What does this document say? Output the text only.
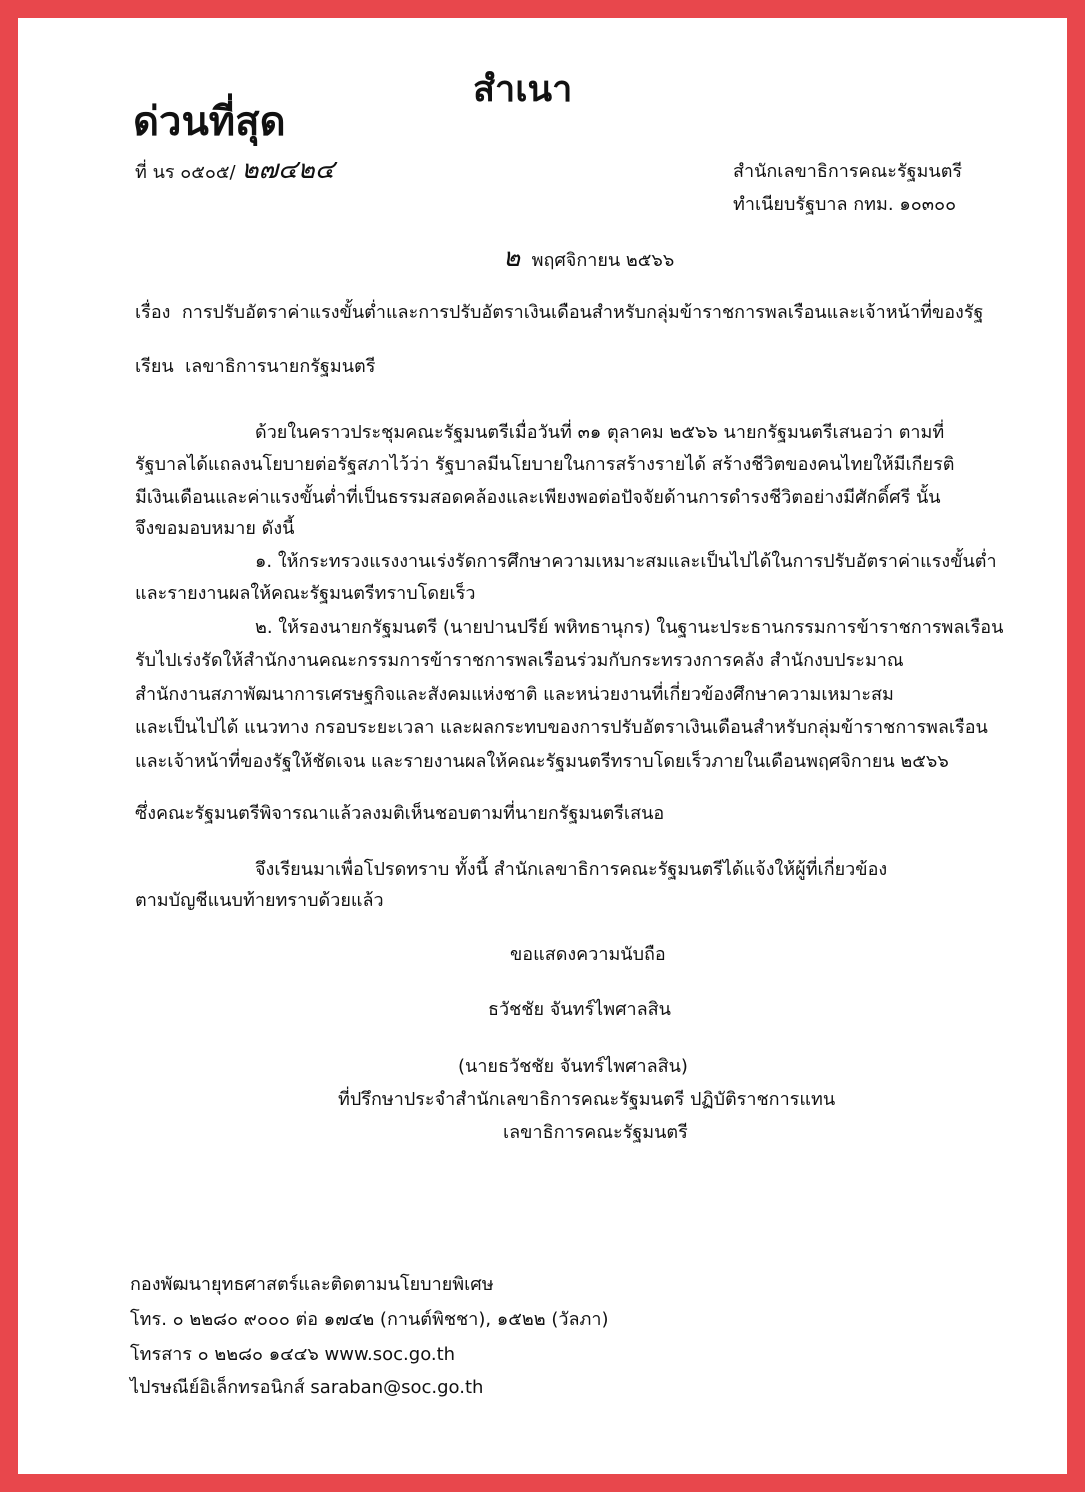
สำเนา
ด่วนที่สุด
ที่ นร ๐๕๐๕/ ๒๗๔๒๔	สำนักเลขาธิการคณะรัฐมนตรี
ทำเนียบรัฐบาล กทม. ๑๐๓๐๐
๒ พฤศจิกายน ๒๕๖๖
เรื่อง การปรับอัตราค่าแรงขั้นต่ำและการปรับอัตราเงินเดือนสำหรับกลุ่มข้าราชการพลเรือนและเจ้าหน้าที่ของรัฐ
เรียน เลขาธิการนายกรัฐมนตรี
ด้วยในคราวประชุมคณะรัฐมนตรีเมื่อวันที่ ๓๑ ตุลาคม ๒๕๖๖ นายกรัฐมนตรีเสนอว่า ตามที่
รัฐบาลได้แถลงนโยบายต่อรัฐสภาไว้ว่า รัฐบาลมีนโยบายในการสร้างรายได้ สร้างชีวิตของคนไทยให้มีเกียรติ
มีเงินเดือนและค่าแรงขั้นต่ำที่เป็นธรรมสอดคล้องและเพียงพอต่อปัจจัยด้านการดำรงชีวิตอย่างมีศักดิ์ศรี นั้น
จึงขอมอบหมาย ดังนี้
๑. ให้กระทรวงแรงงานเร่งรัดการศึกษาความเหมาะสมและเป็นไปได้ในการปรับอัตราค่าแรงขั้นต่ำ
และรายงานผลให้คณะรัฐมนตรีทราบโดยเร็ว
๒. ให้รองนายกรัฐมนตรี (นายปานปรีย์ พหิทธานุกร) ในฐานะประธานกรรมการข้าราชการพลเรือน
รับไปเร่งรัดให้สำนักงานคณะกรรมการข้าราชการพลเรือนร่วมกับกระทรวงการคลัง สำนักงบประมาณ
สำนักงานสภาพัฒนาการเศรษฐกิจและสังคมแห่งชาติ และหน่วยงานที่เกี่ยวข้องศึกษาความเหมาะสม
และเป็นไปได้ แนวทาง กรอบระยะเวลา และผลกระทบของการปรับอัตราเงินเดือนสำหรับกลุ่มข้าราชการพลเรือน
และเจ้าหน้าที่ของรัฐให้ชัดเจน และรายงานผลให้คณะรัฐมนตรีทราบโดยเร็วภายในเดือนพฤศจิกายน ๒๕๖๖
ซึ่งคณะรัฐมนตรีพิจารณาแล้วลงมติเห็นชอบตามที่นายกรัฐมนตรีเสนอ
จึงเรียนมาเพื่อโปรดทราบ ทั้งนี้ สำนักเลขาธิการคณะรัฐมนตรีได้แจ้งให้ผู้ที่เกี่ยวข้อง
ตามบัญชีแนบท้ายทราบด้วยแล้ว
ขอแสดงความนับถือ
ธวัชชัย จันทร์ไพศาลสิน
(นายธวัชชัย จันทร์ไพศาลสิน)
ที่ปรึกษาประจำสำนักเลขาธิการคณะรัฐมนตรี ปฏิบัติราชการแทน
เลขาธิการคณะรัฐมนตรี
กองพัฒนายุทธศาสตร์และติดตามนโยบายพิเศษ
โทร. ๐ ๒๒๘๐ ๙๐๐๐ ต่อ ๑๗๔๒ (กานต์พิชชา), ๑๕๒๒ (วัลภา)
โทรสาร ๐ ๒๒๘๐ ๑๔๔๖ www.soc.go.th
ไปรษณีย์อิเล็กทรอนิกส์ saraban@soc.go.th
